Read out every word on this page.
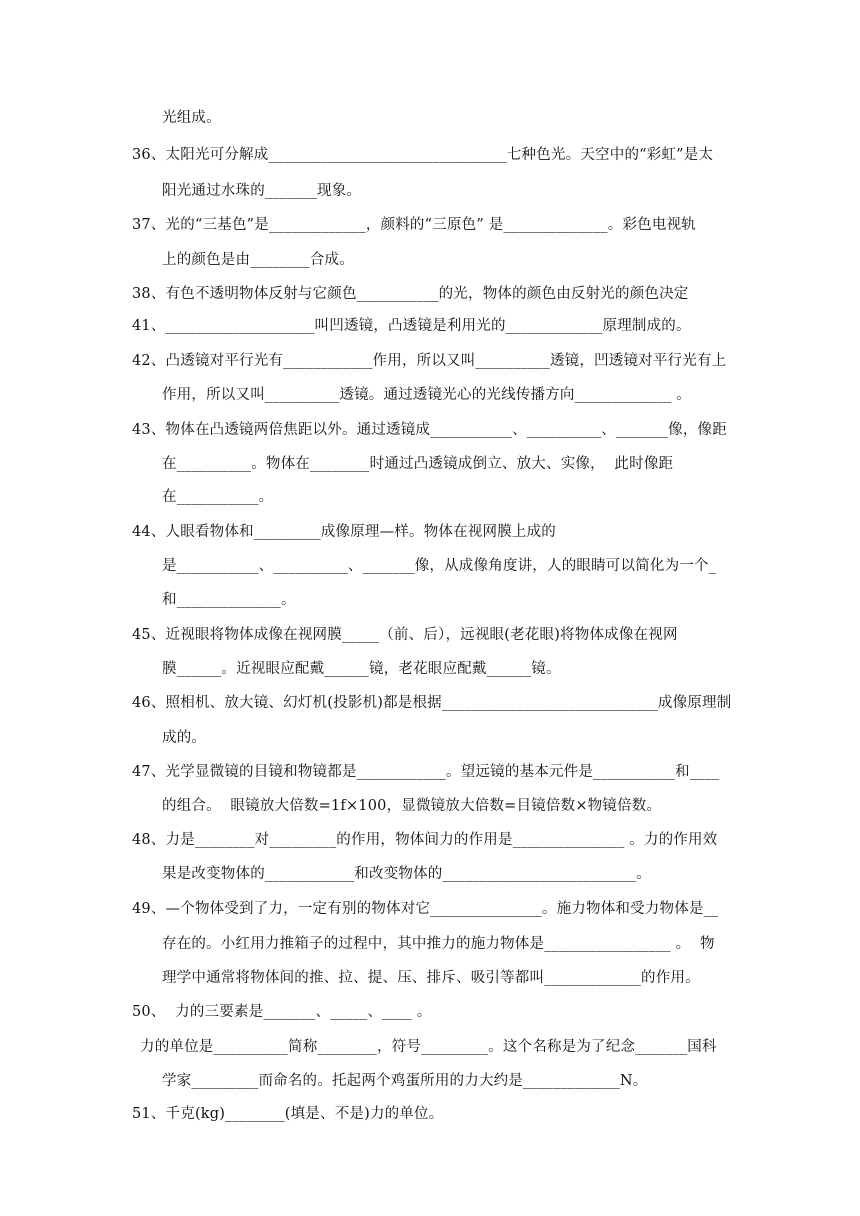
光组成。
36、太阳光可分解成________________________________七种色光。天空中的“彩虹”是太
阳光通过水珠的_______现象。
37、光的“三基色”是_____________，颜料的“三原色” 是______________。彩色电视轨
上的颜色是由________合成。
38、有色不透明物体反射与它颜色___________的光，物体的颜色由反射光的颜色决定
41、____________________叫凹透镜，凸透镜是利用光的_____________原理制成的。
42、凸透镜对平行光有____________作用，所以又叫__________透镜，凹透镜对平行光有上
作用，所以又叫__________透镜。通过透镜光心的光线传播方向_____________ 。
43、物体在凸透镜两倍焦距以外。通过透镜成___________、__________、_______像，像距
在__________。物体在________时通过凸透镜成倒立、放大、实像，  此时像距
在___________。
44、人眼看物体和_________成像原理—样。物体在视网膜上成的
是___________、__________、_______像，从成像角度讲，人的眼睛可以简化为一个_
和______________。
45、近视眼将物体成像在视网膜_____（前、后），远视眼(老花眼)将物体成像在视网
膜______。近视眼应配戴______镜，老花眼应配戴______镜。
46、照相机、放大镜、幻灯机(投影机)都是根据_____________________________成像原理制
成的。
47、光学显微镜的目镜和物镜都是____________。望远镜的基本元件是___________和____
的组合。  眼镜放大倍数=1f×100，显微镜放大倍数=目镜倍数×物镜倍数。
48、力是________对_________的作用，物体间力的作用是_______________ 。力的作用效
果是改变物体的____________和改变物体的__________________________。
49、—个物体受到了力，一定有别的物体对它_______________。施力物体和受力物体是__
存在的。小红用力推箱子的过程中，其中推力的施力物体是_________________ 。  物
理学中通常将物体间的推、拉、提、压、排斥、吸引等都叫_____________的作用。
50、  力的三要素是_______、_____、____ 。
力的单位是__________简称________，符号_________。这个名称是为了纪念_______国科
学家_________而命名的。托起两个鸡蛋所用的力大约是_____________N。
51、千克(kg)________(填是、不是)力的单位。
